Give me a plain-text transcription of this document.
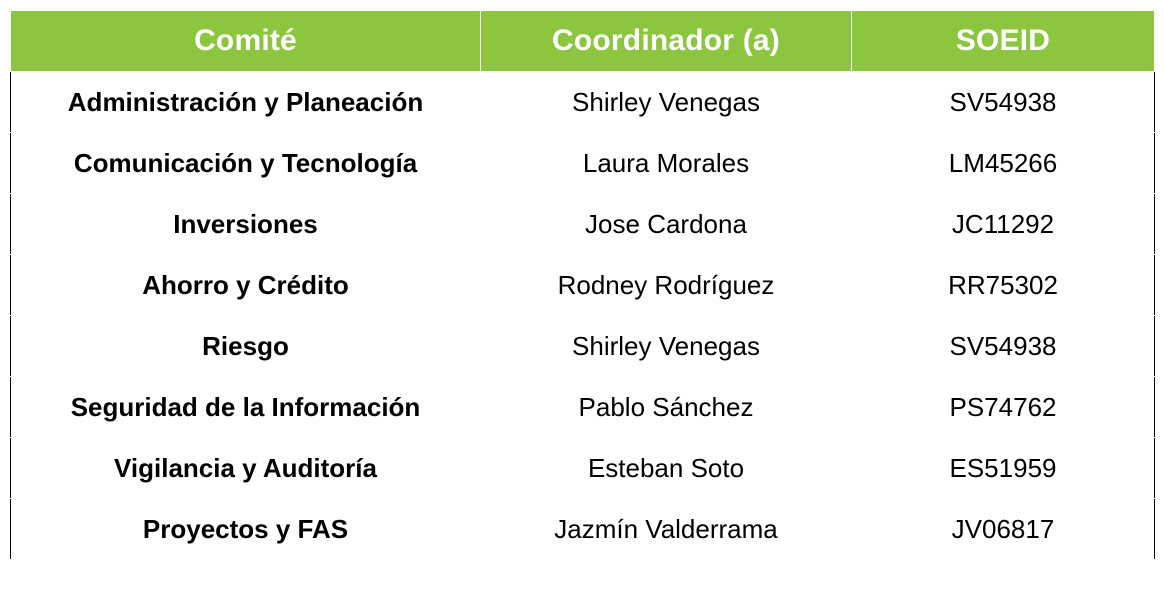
Comité	Coordinador (a)	SOEID
Administración y Planeación	Shirley Venegas	SV54938
Comunicación y Tecnología	Laura Morales	LM45266
Inversiones	Jose Cardona	JC11292
Ahorro y Crédito	Rodney Rodríguez	RR75302
Riesgo	Shirley Venegas	SV54938
Seguridad de la Información	Pablo Sánchez	PS74762
Vigilancia y Auditoría	Esteban Soto	ES51959
Proyectos y FAS	Jazmín Valderrama	JV06817
